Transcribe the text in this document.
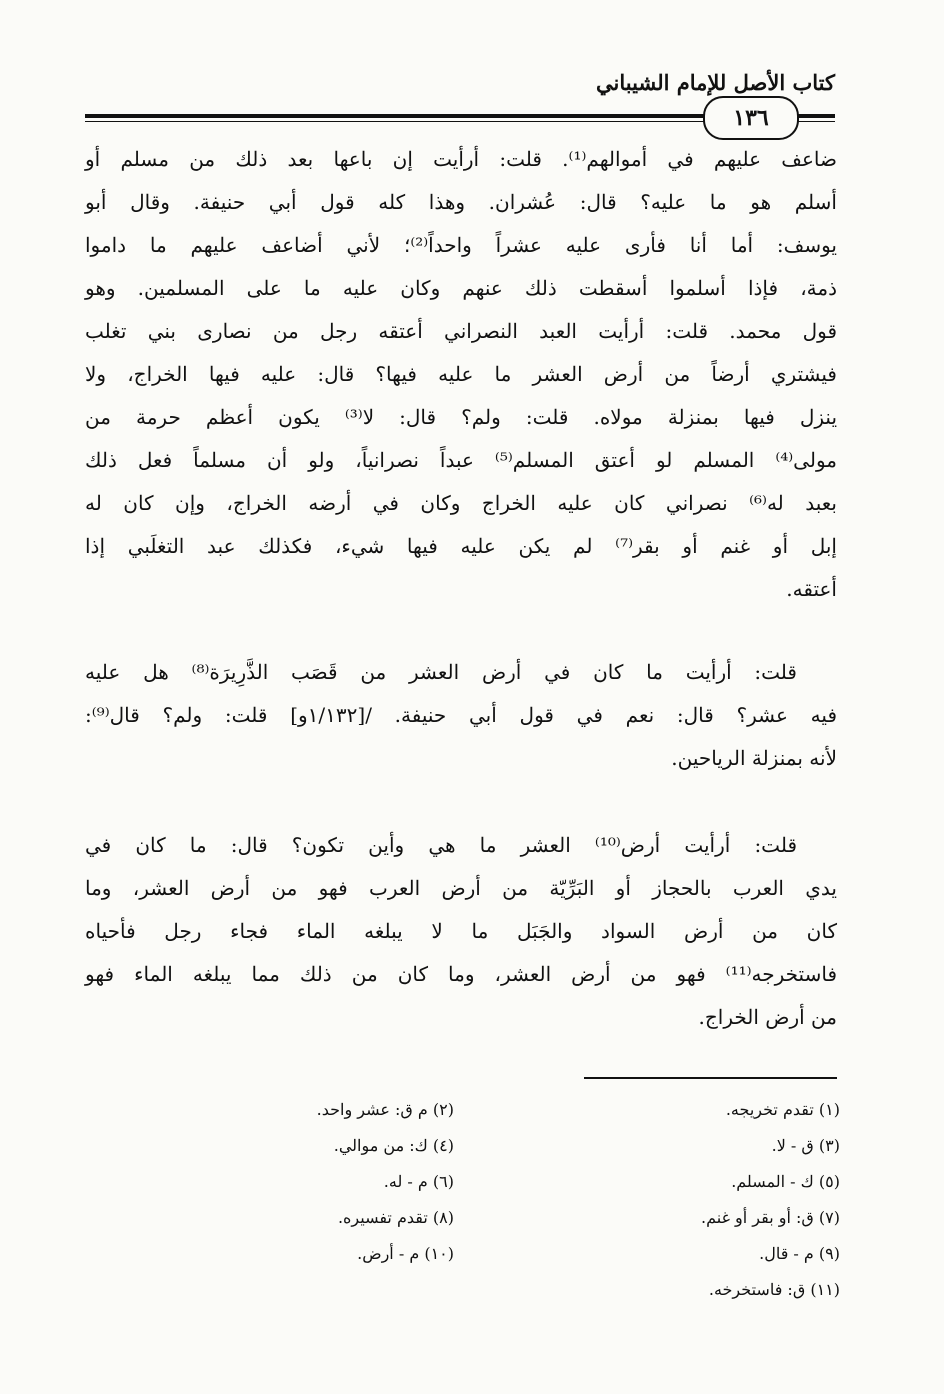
كتاب الأصل للإمام الشيباني
١٣٦
ضاعف عليهم في أموالهم⁽¹⁾. قلت: أرأيت إن باعها بعد ذلك من مسلم أو
أسلم هو ما عليه؟ قال: عُشران. وهذا كله قول أبي حنيفة. وقال أبو
يوسف: أما أنا فأرى عليه عشراً واحداً⁽²⁾؛ لأني أضاعف عليهم ما داموا
ذمة، فإذا أسلموا أسقطت ذلك عنهم وكان عليه ما على المسلمين. وهو
قول محمد. قلت: أرأيت العبد النصراني أعتقه رجل من نصارى بني تغلب
فيشتري أرضاً من أرض العشر ما عليه فيها؟ قال: عليه فيها الخراج، ولا
ينزل فيها بمنزلة مولاه. قلت: ولم؟ قال: لا⁽³⁾ يكون أعظم حرمة من
مولى⁽⁴⁾ المسلم لو أعتق المسلم⁽⁵⁾ عبداً نصرانياً، ولو أن مسلماً فعل ذلك
بعبد له⁽⁶⁾ نصراني كان عليه الخراج وكان في أرضه الخراج، وإن كان له
إبل أو غنم أو بقر⁽⁷⁾ لم يكن عليه فيها شيء، فكذلك عبد التغلَبي إذا
أعتقه.
قلت: أرأيت ما كان في أرض العشر من قَصَب الذَّرِيرَة⁽⁸⁾ هل عليه
فيه عشر؟ قال: نعم في قول أبي حنيفة. /[١/١٣٢و] قلت: ولم؟ قال⁽⁹⁾:
لأنه بمنزلة الرياحين.
قلت: أرأيت أرض⁽¹⁰⁾ العشر ما هي وأين تكون؟ قال: ما كان في
يدي العرب بالحجاز أو البَرِّيّة من أرض العرب فهو من أرض العشر، وما
كان من أرض السواد والجَبَل ما لا يبلغه الماء فجاء رجل فأحياه
فاستخرجه⁽¹¹⁾ فهو من أرض العشر، وما كان من ذلك مما يبلغه الماء فهو
من أرض الخراج.
(١) تقدم تخريجه.
(٣) ق - لا.
(٥) ك - المسلم.
(٧) ق: أو بقر أو غنم.
(٩) م - قال.
(١١) ق: فاستخرخه.
(٢) م ق: عشر واحد.
(٤) ك: من موالي.
(٦) م - له.
(٨) تقدم تفسيره.
(١٠) م - أرض.
